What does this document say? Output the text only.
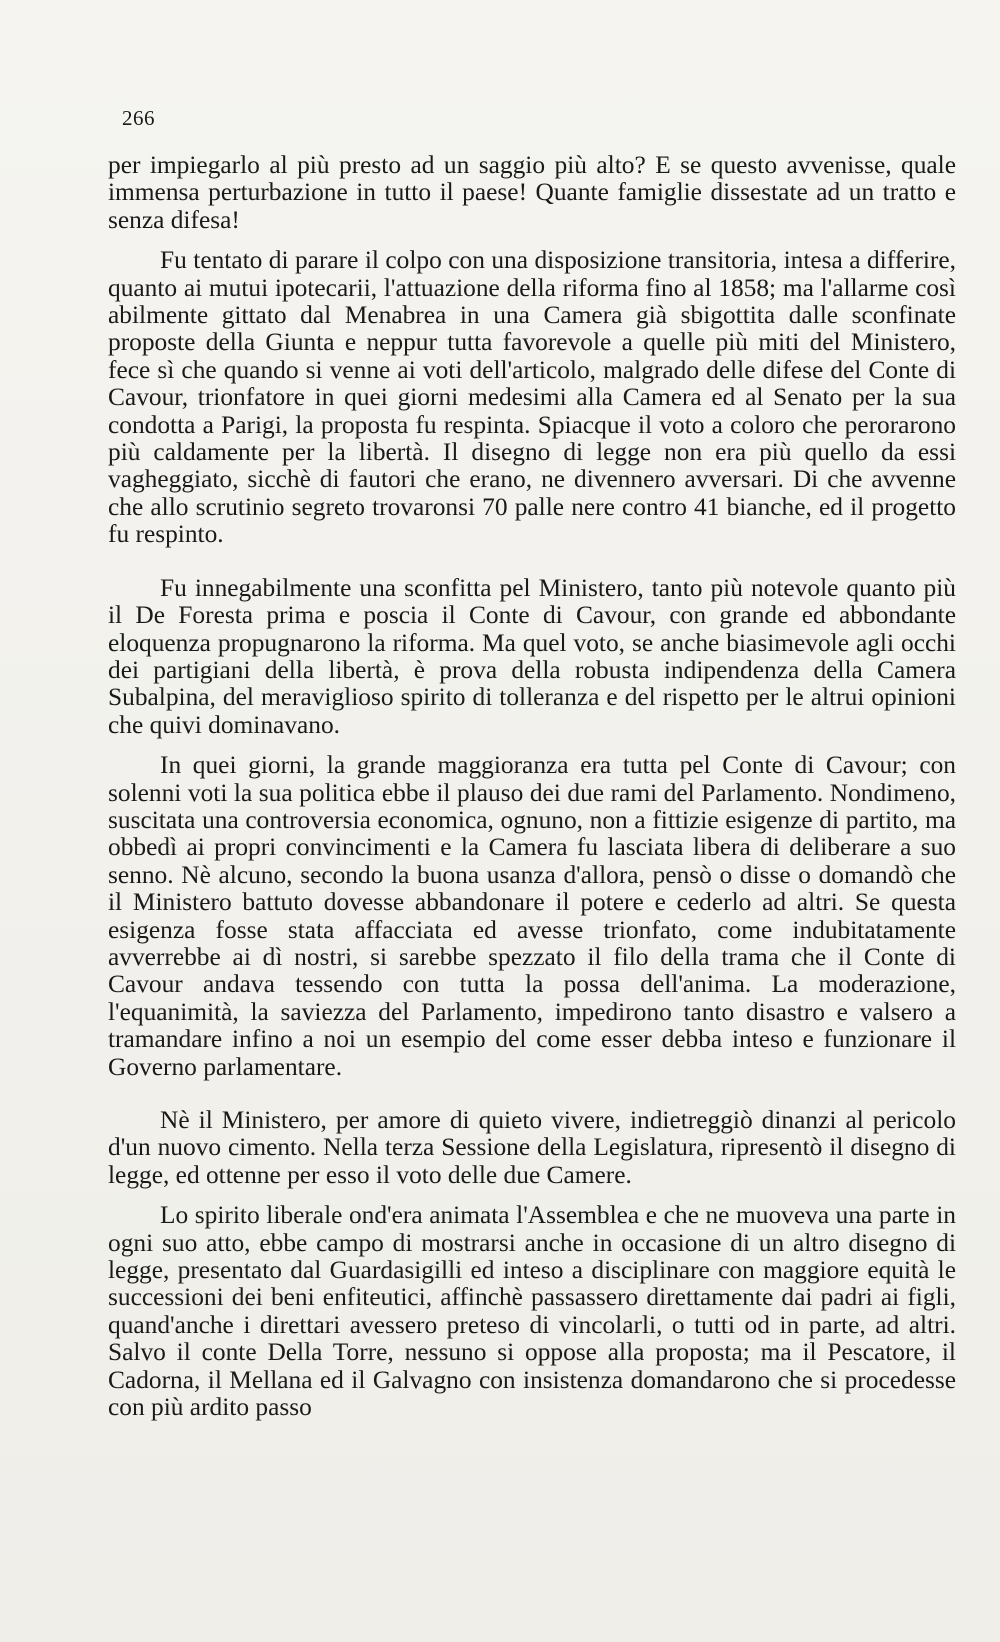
266

per impiegarlo al più presto ad un saggio più alto? E se questo avvenisse, quale immensa perturbazione in tutto il paese! Quante famiglie dissestate ad un tratto e senza difesa!

Fu tentato di parare il colpo con una disposizione transitoria, intesa a differire, quanto ai mutui ipotecarii, l'attuazione della riforma fino al 1858; ma l'allarme così abilmente gittato dal Menabrea in una Camera già sbigottita dalle sconfinate proposte della Giunta e neppur tutta favorevole a quelle più miti del Ministero, fece sì che quando si venne ai voti dell'articolo, malgrado delle difese del Conte di Cavour, trionfatore in quei giorni medesimi alla Camera ed al Senato per la sua condotta a Parigi, la proposta fu respinta. Spiacque il voto a coloro che perorarono più caldamente per la libertà. Il disegno di legge non era più quello da essi vagheggiato, sicchè di fautori che erano, ne divennero avversari. Di che avvenne che allo scrutinio segreto trovaronsi 70 palle nere contro 41 bianche, ed il progetto fu respinto.

Fu innegabilmente una sconfitta pel Ministero, tanto più notevole quanto più il De Foresta prima e poscia il Conte di Cavour, con grande ed abbondante eloquenza propugnarono la riforma. Ma quel voto, se anche biasimevole agli occhi dei partigiani della libertà, è prova della robusta indipendenza della Camera Subalpina, del meraviglioso spirito di tolleranza e del rispetto per le altrui opinioni che quivi dominavano.

In quei giorni, la grande maggioranza era tutta pel Conte di Cavour; con solenni voti la sua politica ebbe il plauso dei due rami del Parlamento. Nondimeno, suscitata una controversia economica, ognuno, non a fittizie esigenze di partito, ma obbedì ai propri convincimenti e la Camera fu lasciata libera di deliberare a suo senno. Nè alcuno, secondo la buona usanza d'allora, pensò o disse o domandò che il Ministero battuto dovesse abbandonare il potere e cederlo ad altri. Se questa esigenza fosse stata affacciata ed avesse trionfato, come indubitatamente avverrebbe ai dì nostri, si sarebbe spezzato il filo della trama che il Conte di Cavour andava tessendo con tutta la possa dell'anima. La moderazione, l'equanimità, la saviezza del Parlamento, impedirono tanto disastro e valsero a tramandare infino a noi un esempio del come esser debba inteso e funzionare il Governo parlamentare.

Nè il Ministero, per amore di quieto vivere, indietreggiò dinanzi al pericolo d'un nuovo cimento. Nella terza Sessione della Legislatura, ripresentò il disegno di legge, ed ottenne per esso il voto delle due Camere.

Lo spirito liberale ond'era animata l'Assemblea e che ne muoveva una parte in ogni suo atto, ebbe campo di mostrarsi anche in occasione di un altro disegno di legge, presentato dal Guardasigilli ed inteso a disciplinare con maggiore equità le successioni dei beni enfiteutici, affinchè passassero direttamente dai padri ai figli, quand'anche i direttari avessero preteso di vincolarli, o tutti od in parte, ad altri. Salvo il conte Della Torre, nessuno si oppose alla proposta; ma il Pescatore, il Cadorna, il Mellana ed il Galvagno con insistenza domandarono che si procedesse con più ardito passo
